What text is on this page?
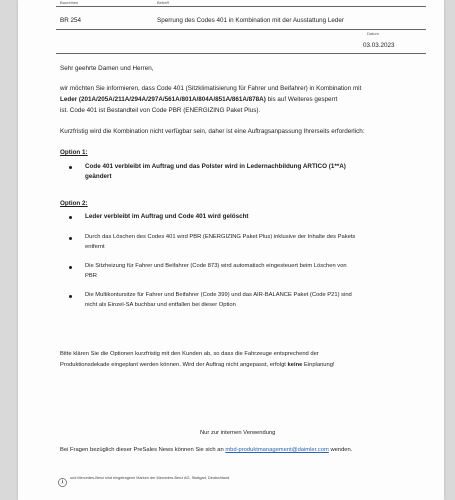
Baureihen	Betreff
BR 254	Sperrung des Codes 401 in Kombination mit der Ausstattung Leder
Datum
03.03.2023
Sehr geehrte Damen und Herren,
wir möchten Sie informieren, dass Code 401 (Sitzklimatisierung für Fahrer und Beifahrer) in Kombination mit
Leder (201A/205A/211A/294A/297A/561A/801A/804A/851A/861A/878A) bis auf Weiteres gesperrt
ist. Code 401 ist Bestandteil von Code PBR (ENERGIZING Paket Plus).
Kurzfristig wird die Kombination nicht verfügbar sein, daher ist eine Auftragsanpassung Ihrerseits erforderlich:
Option 1:
Code 401 verbleibt im Auftrag und das Polster wird in Ledernachbildung ARTICO (1**A)
geändert
Option 2:
Leder verbleibt im Auftrag und Code 401 wird gelöscht
Durch das Löschen des Codes 401 wird PBR (ENERGIZING Paket Plus) inklusive der Inhalte des Pakets
entfernt
Die Sitzheizung für Fahrer und Beifahrer (Code 873) wird automatisch eingesteuert beim Löschen von
PBR
Die Multikontursitze für Fahrer und Beifahrer (Code 399) und das AIR-BALANCE Paket (Code P21) sind
nicht als Einzel-SA buchbar und entfallen bei dieser Option
Bitte klären Sie die Optionen kurzfristig mit den Kunden ab, so dass die Fahrzeuge entsprechend der
Produktionsdekade eingeplant werden können. Wird der Auftrag nicht angepasst, erfolgt keine Einplanung!
Nur zur internen Verwendung
Bei Fragen bezüglich dieser PreSales News können Sie sich an mbd-produktmanagement@daimler.com wenden.
und Mercedes-Benz sind eingetragene Marken der Mercedes-Benz AG, Stuttgart, Deutschland.
